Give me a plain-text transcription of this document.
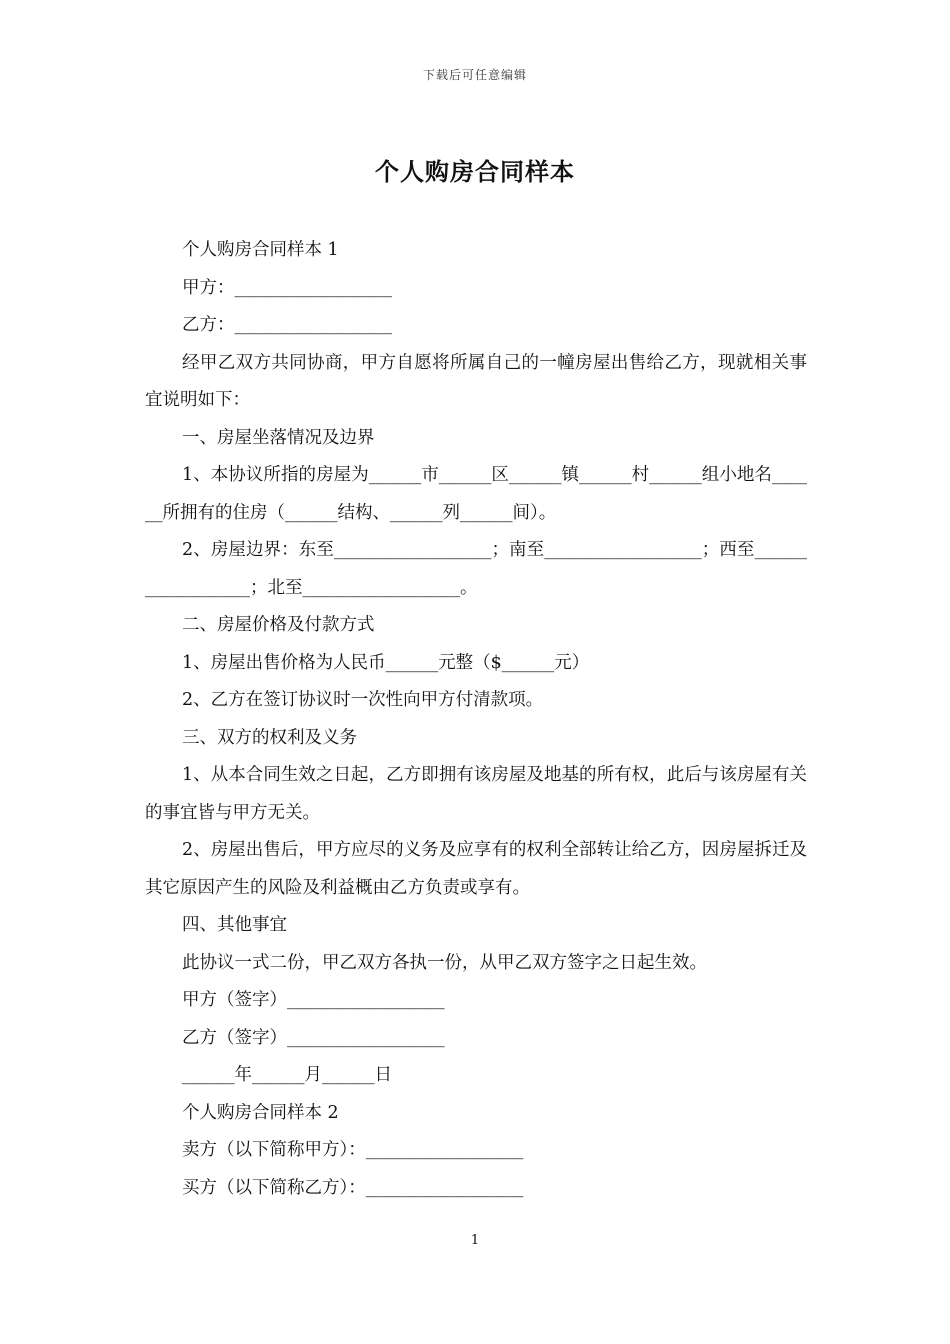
下载后可任意编辑
个人购房合同样本

个人购房合同样本 1

甲方：__________________

乙方：__________________

经甲乙双方共同协商，甲方自愿将所属自己的一幢房屋出售给乙方，现就相关事宜说明如下：

一、房屋坐落情况及边界

1、本协议所指的房屋为______市______区______镇______村______组小地名______所拥有的住房（______结构、______列______间）。

2、房屋边界：东至__________________；南至__________________；西至__________________；北至__________________。

二、房屋价格及付款方式

1、房屋出售价格为人民币______元整（$______元）

2、乙方在签订协议时一次性向甲方付清款项。

三、双方的权利及义务

1、从本合同生效之日起，乙方即拥有该房屋及地基的所有权，此后与该房屋有关的事宜皆与甲方无关。

2、房屋出售后，甲方应尽的义务及应享有的权利全部转让给乙方，因房屋拆迁及其它原因产生的风险及利益概由乙方负责或享有。

四、其他事宜

此协议一式二份，甲乙双方各执一份，从甲乙双方签字之日起生效。

甲方（签字）__________________

乙方（签字）__________________

______年______月______日

个人购房合同样本 2

卖方（以下简称甲方）：__________________

买方（以下简称乙方）：__________________

1
